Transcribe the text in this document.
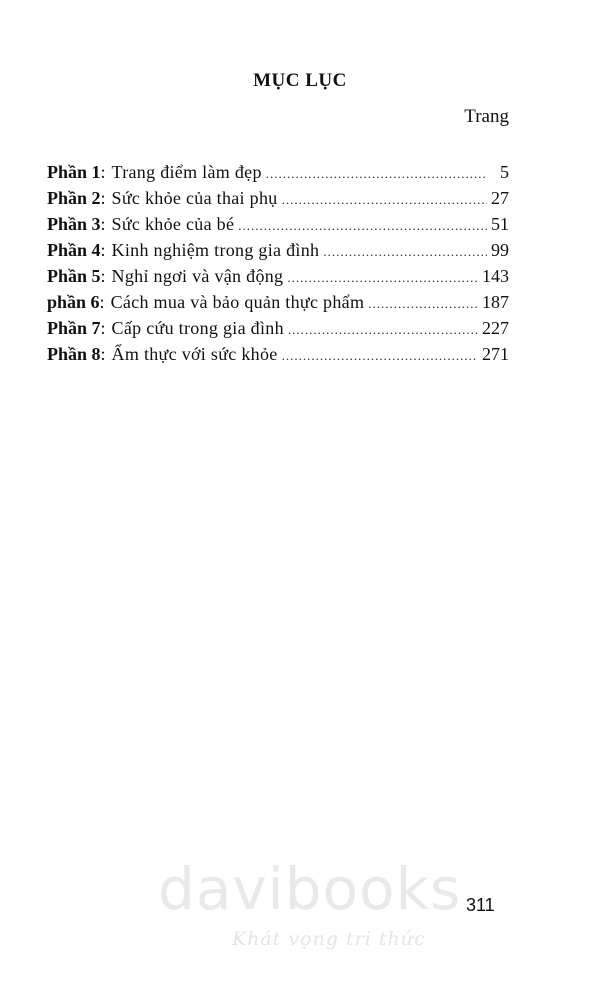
MỤC LỤC
Trang
Phần 1 : Trang điểm làm đẹp .....	5
Phần 2 : Sức khỏe của thai phụ .....	27
Phần 3 : Sức khỏe của bé .....	51
Phần 4 : Kinh nghiệm trong gia đình .....	99
Phần 5 : Nghỉ ngơi và vận động .....	143
phần 6 : Cách mua và bảo quản thực phẩm .....	187
Phần 7 : Cấp cứu trong gia đình .....	227
Phần 8 : Ẩm thực với sức khỏe .....	271
davibooks
Khát vọng tri thức
311
